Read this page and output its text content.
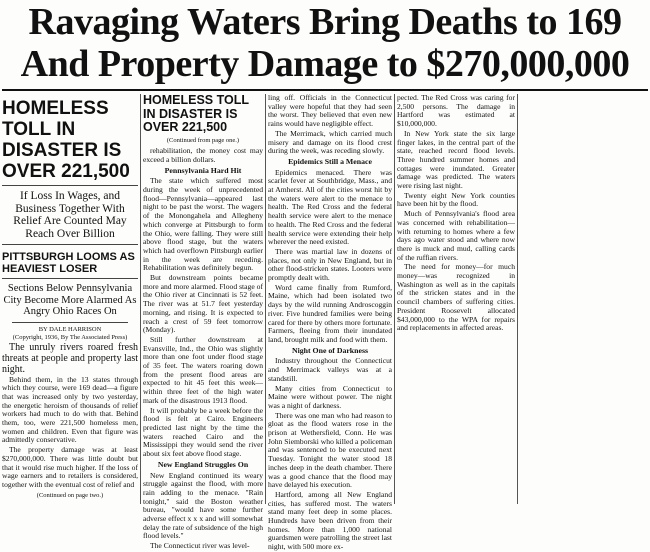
Ravaging Waters Bring Deaths to 169
And Property Damage to $270,000,000
HOMELESS TOLL IN DISASTER IS OVER 221,500
If Loss In Wages, and Business Together With Relief Are Counted May Reach Over Billion
PITTSBURGH LOOMS AS HEAVIEST LOSER
Sections Below Pennsylvania City Become More Alarmed As Angry Ohio Races On
BY DALE HARRISON
(Copyright, 1936, By The Associated Press)

The unruly rivers roared fresh threats at people and property last night.

Behind them, in the 13 states through which they course, were 169 dead—a figure that was increased only by two yesterday, the energetic heroism of thousands of relief workers had much to do with that. Behind them, too, were 221,500 homeless men, women and children. Even that figure was admittedly conservative.

The property damage was at least $270,000,000. There was little doubt but that it would rise much higher. If the loss of wage earners and to retailers is considered, together with the eventual cost of relief and

(Continued on page two.)
HOMELESS TOLL IN DISASTER IS OVER 221,500
(Continued from page one.)

rehabilitation, the money cost may exceed a billion dollars.

Pennsylvania Hard Hit

The state which suffered most during the week of unprecedented flood—Pennsylvania—appeared last night to be past the worst. The wagers of the Monongahela and Allegheny which converge at Pittsburgh to form the Ohio, were falling. They were still above flood stage, but the waters which had overflown Pittsburgh earlier in the week are receding. Rehabilitation was definitely begun.

But downstream points became more and more alarmed. Flood stage of the Ohio river at Cincinnati is 52 feet. The river was at 51.7 feet yesterday morning, and rising. It is expected to reach a crest of 59 feet tomorrow (Monday).

Still further downstream at Evansville, Ind., the Ohio was slightly more than one foot under flood stage of 35 feet. The waters roaring down from the present flood areas are expected to hit 45 feet this week—within three feet of the high water mark of the disastrous 1913 flood.

It will probably be a week before the flood is felt at Cairo. Engineers predicted last night by the time the waters reached Cairo and the Mississippi they would send the river about six feet above flood stage.

New England Struggles On

New England continued its weary struggle against the flood, with more rain adding to the menace. "Rain tonight," said the Boston weather bureau, "would have some further adverse effect x x x and will somewhat delay the rate of subsidence of the high flood levels."

The Connecticut river was level-

ling off. Officials in the Connecticut valley were hopeful that they had seen the worst. They believed that even new rains would have negligible effect.

The Merrimack, which carried much misery and damage on its flood crest during the week, was receding slowly.

Epidemics Still a Menace

Epidemics menaced. There was scarlet fever at Southbridge, Mass., and at Amherst. All of the cities worst hit by the waters were alert to the menace to health. The Red Cross and the federal health service were alert to the menace to health. The Red Cross and the federal health service were extending their help wherever the need existed.

There was martial law in dozens of places, not only in New England, but in other flood-stricken states. Looters were promptly dealt with.

Word came finally from Rumford, Maine, which had been isolated two days by the wild running Androscoggin river. Five hundred families were being cared for there by others more fortunate. Farmers, fleeing from their inundated land, brought milk and food with them.

Night One of Darkness

Industry throughout the Connecticut and Merrimack valleys was at a standstill.

Many cities from Connecticut to Maine were without power. The night was a night of darkness.

There was one man who had reason to gloat as the flood waters rose in the prison at Wethersfield, Conn. He was John Siemborski who killed a policeman and was sentenced to be executed next Tuesday. Tonight the water stood 18 inches deep in the death chamber. There was a good chance that the flood may have delayed his execution.

Hartford, among all New England cities, has suffered most. The waters stand many feet deep in some places. Hundreds have been driven from their homes. More than 1,000 national guardsmen were patrolling the street last night, with 500 more ex-

pected. The Red Cross was caring for 2,500 persons. The damage in Hartford was estimated at $10,000,000.

In New York state the six large finger lakes, in the central part of the state, reached record flood levels. Three hundred summer homes and cottages were inundated. Greater damage was predicted. The waters were rising last night.

Twenty eight New York counties have been hit by the flood.

Much of Pennsylvania's flood area was concerned with rehabilitation—with returning to homes where a few days ago water stood and where now there is muck and mud, calling cards of the ruffian rivers.

The need for money—for much money—was recognized in Washington as well as in the capitals of the stricken states and in the council chambers of suffering cities. President Roosevelt allocated $43,000,000 to the WPA for repairs and replacements in affected areas.
